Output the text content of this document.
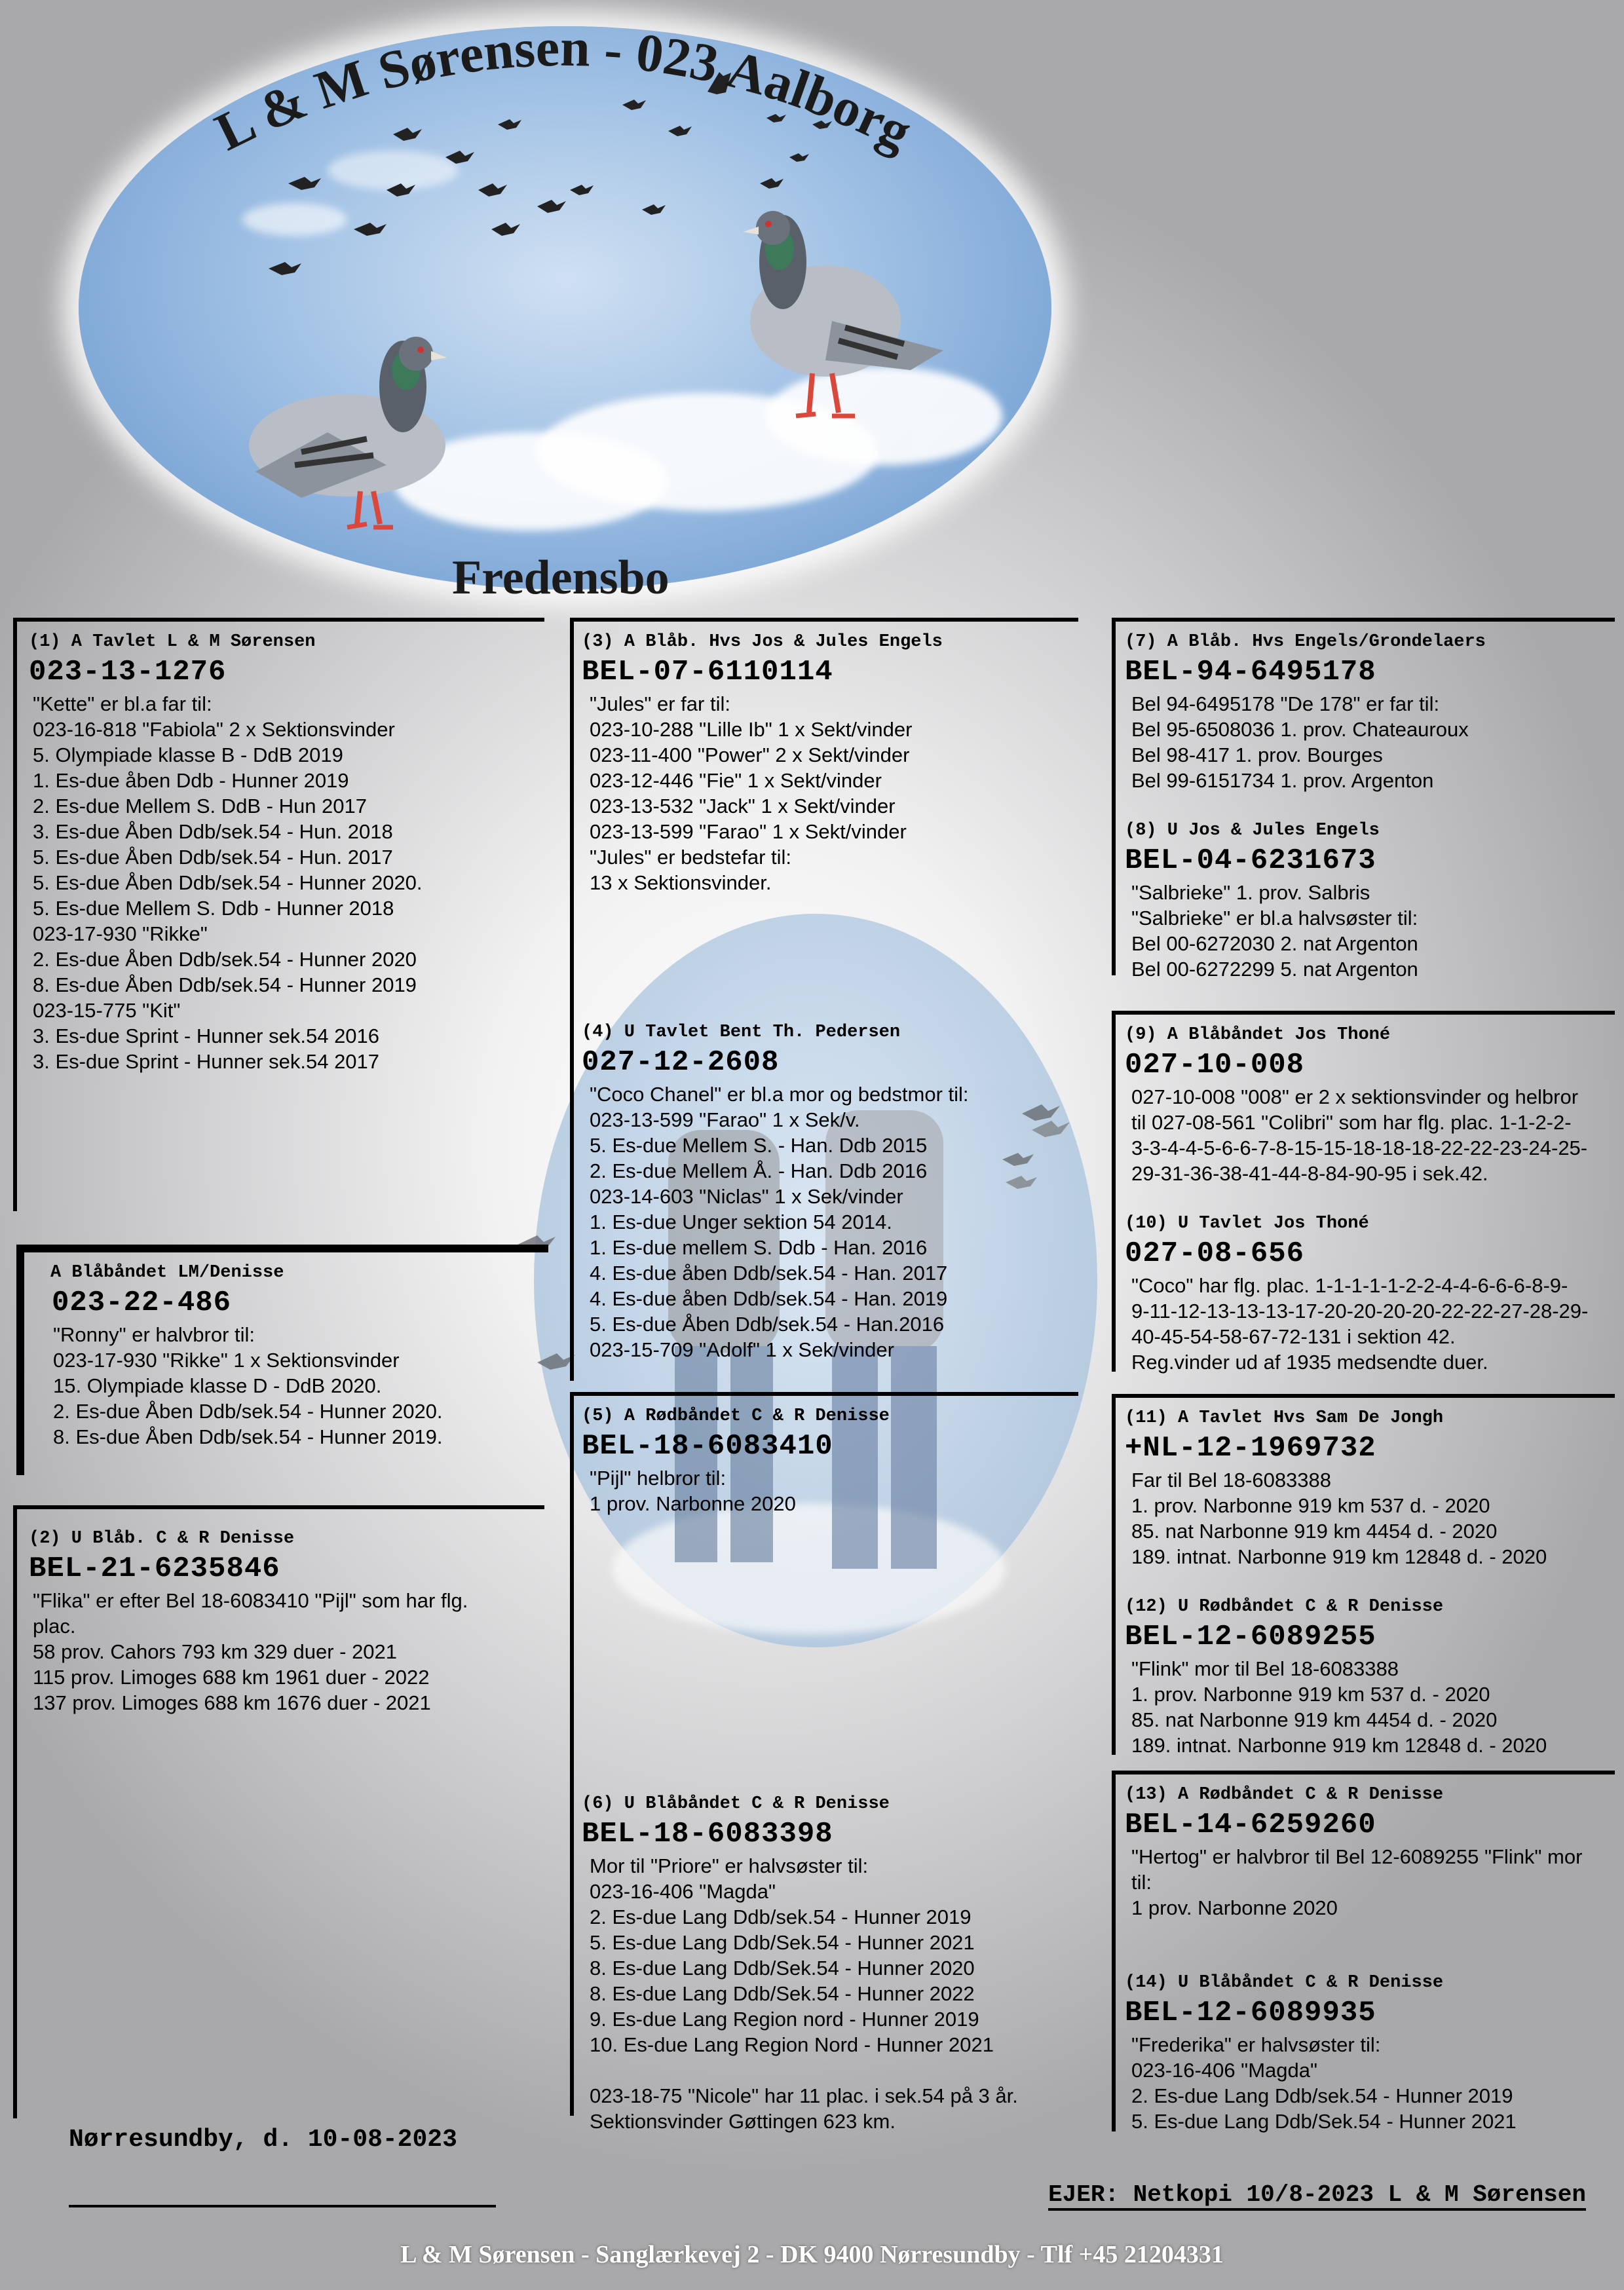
L & M Sørensen - 023 Aalborg
Fredensbo
(1) A Tavlet L & M Sørensen
023-13-1276
"Kette" er bl.a far til:
023-16-818 "Fabiola" 2 x Sektionsvinder
5. Olympiade klasse B - DdB 2019
1. Es-due åben Ddb - Hunner 2019
2. Es-due Mellem S. DdB - Hun 2017
3. Es-due Åben Ddb/sek.54 - Hun. 2018
5. Es-due Åben Ddb/sek.54 - Hun. 2017
5. Es-due Åben Ddb/sek.54 - Hunner 2020.
5. Es-due Mellem S. Ddb - Hunner 2018
023-17-930 "Rikke"
2. Es-due Åben Ddb/sek.54 - Hunner 2020
8. Es-due Åben Ddb/sek.54 - Hunner 2019
023-15-775 "Kit"
3. Es-due Sprint - Hunner sek.54 2016
3. Es-due Sprint - Hunner sek.54 2017
A Blåbåndet LM/Denisse
023-22-486
"Ronny" er halvbror til:
023-17-930 "Rikke" 1 x Sektionsvinder
15. Olympiade klasse D - DdB 2020.
2. Es-due Åben Ddb/sek.54 - Hunner 2020.
8. Es-due Åben Ddb/sek.54 - Hunner 2019.
(2) U Blåb. C & R Denisse
BEL-21-6235846
"Flika" er efter Bel 18-6083410 "Pijl" som har flg.
plac.
58 prov. Cahors 793 km 329 duer - 2021
115 prov. Limoges 688 km 1961 duer - 2022
137 prov. Limoges 688 km 1676 duer - 2021
(3) A Blåb. Hvs Jos & Jules Engels
BEL-07-6110114
"Jules" er far til:
023-10-288 "Lille Ib" 1 x Sekt/vinder
023-11-400 "Power" 2 x Sekt/vinder
023-12-446 "Fie" 1 x Sekt/vinder
023-13-532 "Jack" 1 x Sekt/vinder
023-13-599 "Farao" 1 x Sekt/vinder
"Jules" er bedstefar til:
13 x Sektionsvinder.
(4) U Tavlet Bent Th. Pedersen
027-12-2608
"Coco Chanel" er bl.a mor og bedstmor til:
023-13-599 "Farao" 1 x Sek/v.
5. Es-due Mellem S. - Han. Ddb 2015
2. Es-due Mellem Å. - Han. Ddb 2016
023-14-603 "Niclas" 1 x Sek/vinder
1. Es-due Unger sektion 54 2014.
1. Es-due mellem S. Ddb - Han. 2016
4. Es-due åben Ddb/sek.54 - Han. 2017
4. Es-due åben Ddb/sek.54 - Han. 2019
5. Es-due Åben Ddb/sek.54 - Han.2016
023-15-709 "Adolf" 1 x Sek/vinder
(5) A Rødbåndet C & R Denisse
BEL-18-6083410
"Pijl" helbror til:
1 prov. Narbonne 2020
(6) U Blåbåndet C & R Denisse
BEL-18-6083398
Mor til "Priore" er halvsøster til:
023-16-406 "Magda"
2. Es-due Lang Ddb/sek.54 - Hunner 2019
5. Es-due Lang Ddb/Sek.54 - Hunner 2021
8. Es-due Lang Ddb/Sek.54 - Hunner 2020
8. Es-due Lang Ddb/Sek.54 - Hunner 2022
9. Es-due Lang Region nord - Hunner 2019
10. Es-due Lang Region Nord - Hunner 2021
023-18-75 "Nicole" har 11 plac. i sek.54 på 3 år.
Sektionsvinder Gøttingen 623 km.
(7) A Blåb. Hvs Engels/Grondelaers
BEL-94-6495178
Bel 94-6495178 "De 178" er far til:
Bel 95-6508036 1. prov. Chateauroux
Bel 98-417 1. prov. Bourges
Bel 99-6151734 1. prov. Argenton
(8) U Jos & Jules Engels
BEL-04-6231673
"Salbrieke" 1. prov. Salbris
"Salbrieke" er bl.a halvsøster til:
Bel 00-6272030 2. nat Argenton
Bel 00-6272299 5. nat Argenton
(9) A Blåbåndet Jos Thoné
027-10-008
027-10-008 "008" er 2 x sektionsvinder og helbror
til 027-08-561 "Colibri" som har flg. plac. 1-1-2-2-
3-3-4-4-5-6-6-7-8-15-15-18-18-18-22-22-23-24-25-
29-31-36-38-41-44-8-84-90-95 i sek.42.
(10) U Tavlet Jos Thoné
027-08-656
"Coco" har flg. plac. 1-1-1-1-1-2-2-4-4-6-6-6-8-9-
9-11-12-13-13-13-17-20-20-20-20-22-22-27-28-29-
40-45-54-58-67-72-131 i sektion 42.
Reg.vinder ud af 1935 medsendte duer.
(11) A Tavlet Hvs Sam De Jongh
+NL-12-1969732
Far til Bel 18-6083388
1. prov. Narbonne 919 km 537 d. - 2020
85. nat Narbonne 919 km 4454 d. - 2020
189. intnat. Narbonne 919 km 12848 d. - 2020
(12) U Rødbåndet C & R Denisse
BEL-12-6089255
"Flink" mor til Bel 18-6083388
1. prov. Narbonne 919 km 537 d. - 2020
85. nat Narbonne 919 km 4454 d. - 2020
189. intnat. Narbonne 919 km 12848 d. - 2020
(13) A Rødbåndet C & R Denisse
BEL-14-6259260
"Hertog" er halvbror til Bel 12-6089255 "Flink" mor
til:
1 prov. Narbonne 2020
(14) U Blåbåndet C & R Denisse
BEL-12-6089935
"Frederika" er halvsøster til:
023-16-406 "Magda"
2. Es-due Lang Ddb/sek.54 - Hunner 2019
5. Es-due Lang Ddb/Sek.54 - Hunner 2021
Nørresundby, d. 10-08-2023
EJER: Netkopi 10/8-2023 L & M Sørensen
L & M Sørensen - Sanglærkevej 2 - DK 9400 Nørresundby - Tlf +45 21204331
